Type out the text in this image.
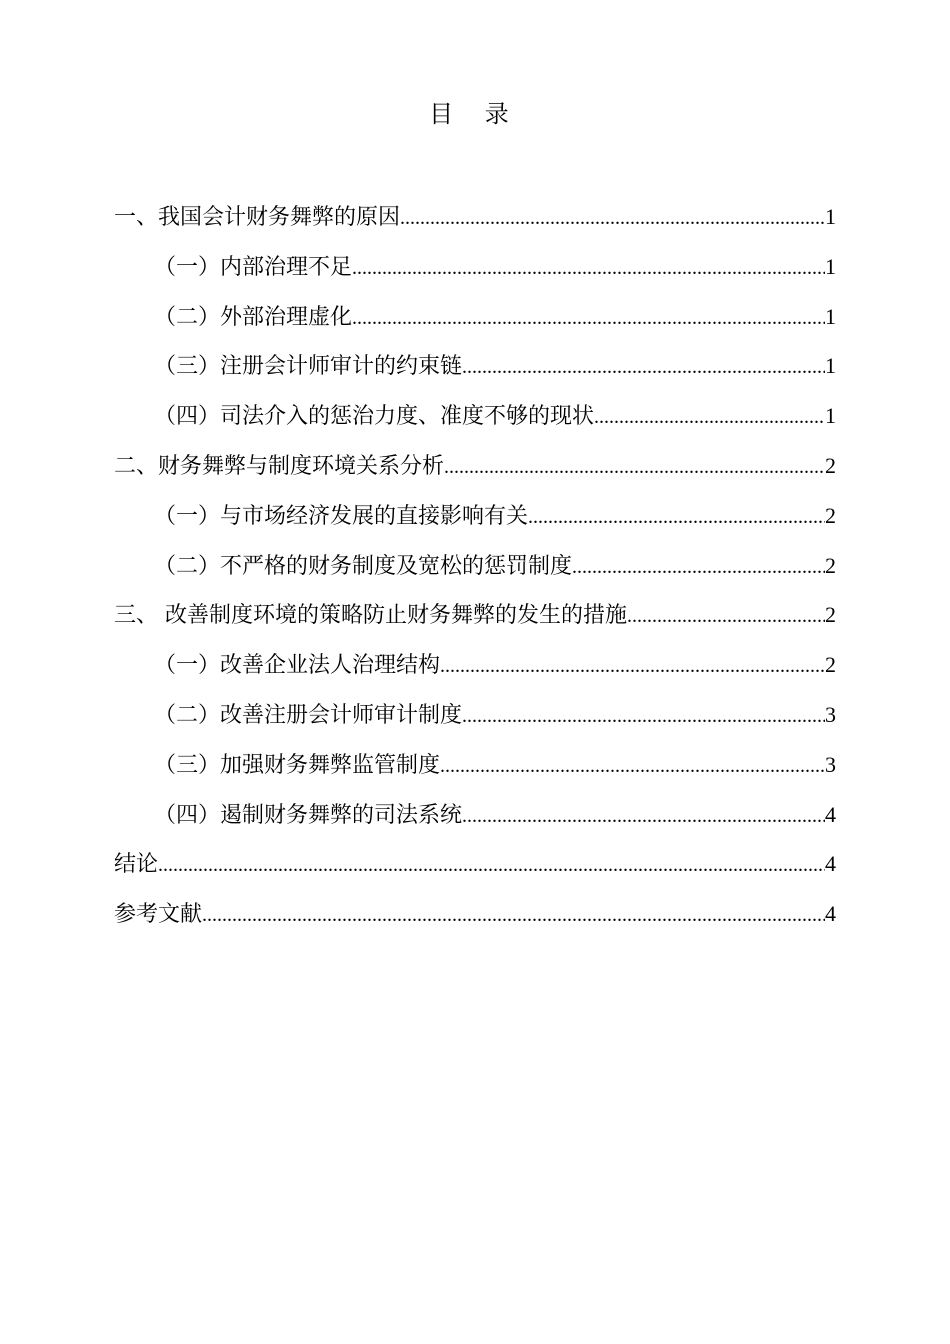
目 录
一、我国会计财务舞弊的原因 .....	1
（一）内部治理不足 .....	1
（二）外部治理虚化 .....	1
（三）注册会计师审计的约束链 .....	1
（四）司法介入的惩治力度、准度不够的现状 .....	1
二、财务舞弊与制度环境关系分析 .....	2
（一）与市场经济发展的直接影响有关 .....	2
（二）不严格的财务制度及宽松的惩罚制度 .....	2
三、 改善制度环境的策略防止财务舞弊的发生的措施 .....	2
（一）改善企业法人治理结构 .....	2
（二）改善注册会计师审计制度 .....	3
（三）加强财务舞弊监管制度 .....	3
（四）遏制财务舞弊的司法系统 .....	4
结论 .....	4
参考文献 .....	4
